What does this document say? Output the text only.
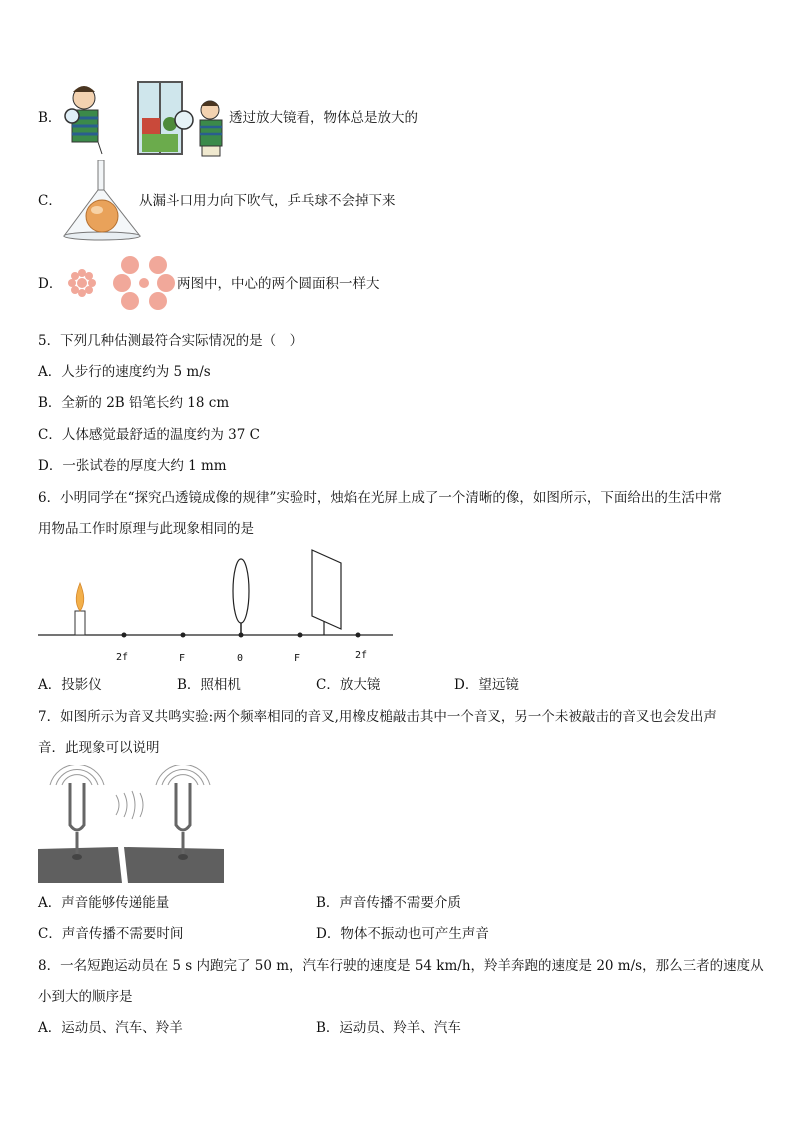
B．	透过放大镜看，物体总是放大的
C．	从漏斗口用力向下吹气，乒乓球不会掉下来
D．	两图中，中心的两个圆面积一样大
5．下列几种估测最符合实际情况的是（　）
A．人步行的速度约为 5 m/s
B．全新的 2B 铅笔长约 18 cm
C．人体感觉最舒适的温度约为 37 C
D．一张试卷的厚度大约 1 mm
6．小明同学在“探究凸透镜成像的规律”实验时，烛焰在光屏上成了一个清晰的像，如图所示，下面给出的生活中常
用物品工作时原理与此现象相同的是
2f	F	0	F	2f
A．投影仪	B．照相机	C．放大镜	D．望远镜
7．如图所示为音叉共鸣实验:两个频率相同的音叉,用橡皮槌敲击其中一个音叉，另一个未被敲击的音叉也会发出声
音．此现象可以说明
A．声音能够传递能量	B．声音传播不需要介质
C．声音传播不需要时间	D．物体不振动也可产生声音
8．一名短跑运动员在 5 s 内跑完了 50 m，汽车行驶的速度是 54 km/h，羚羊奔跑的速度是 20 m/s，那么三者的速度从
小到大的顺序是
A．运动员、汽车、羚羊	B．运动员、羚羊、汽车
